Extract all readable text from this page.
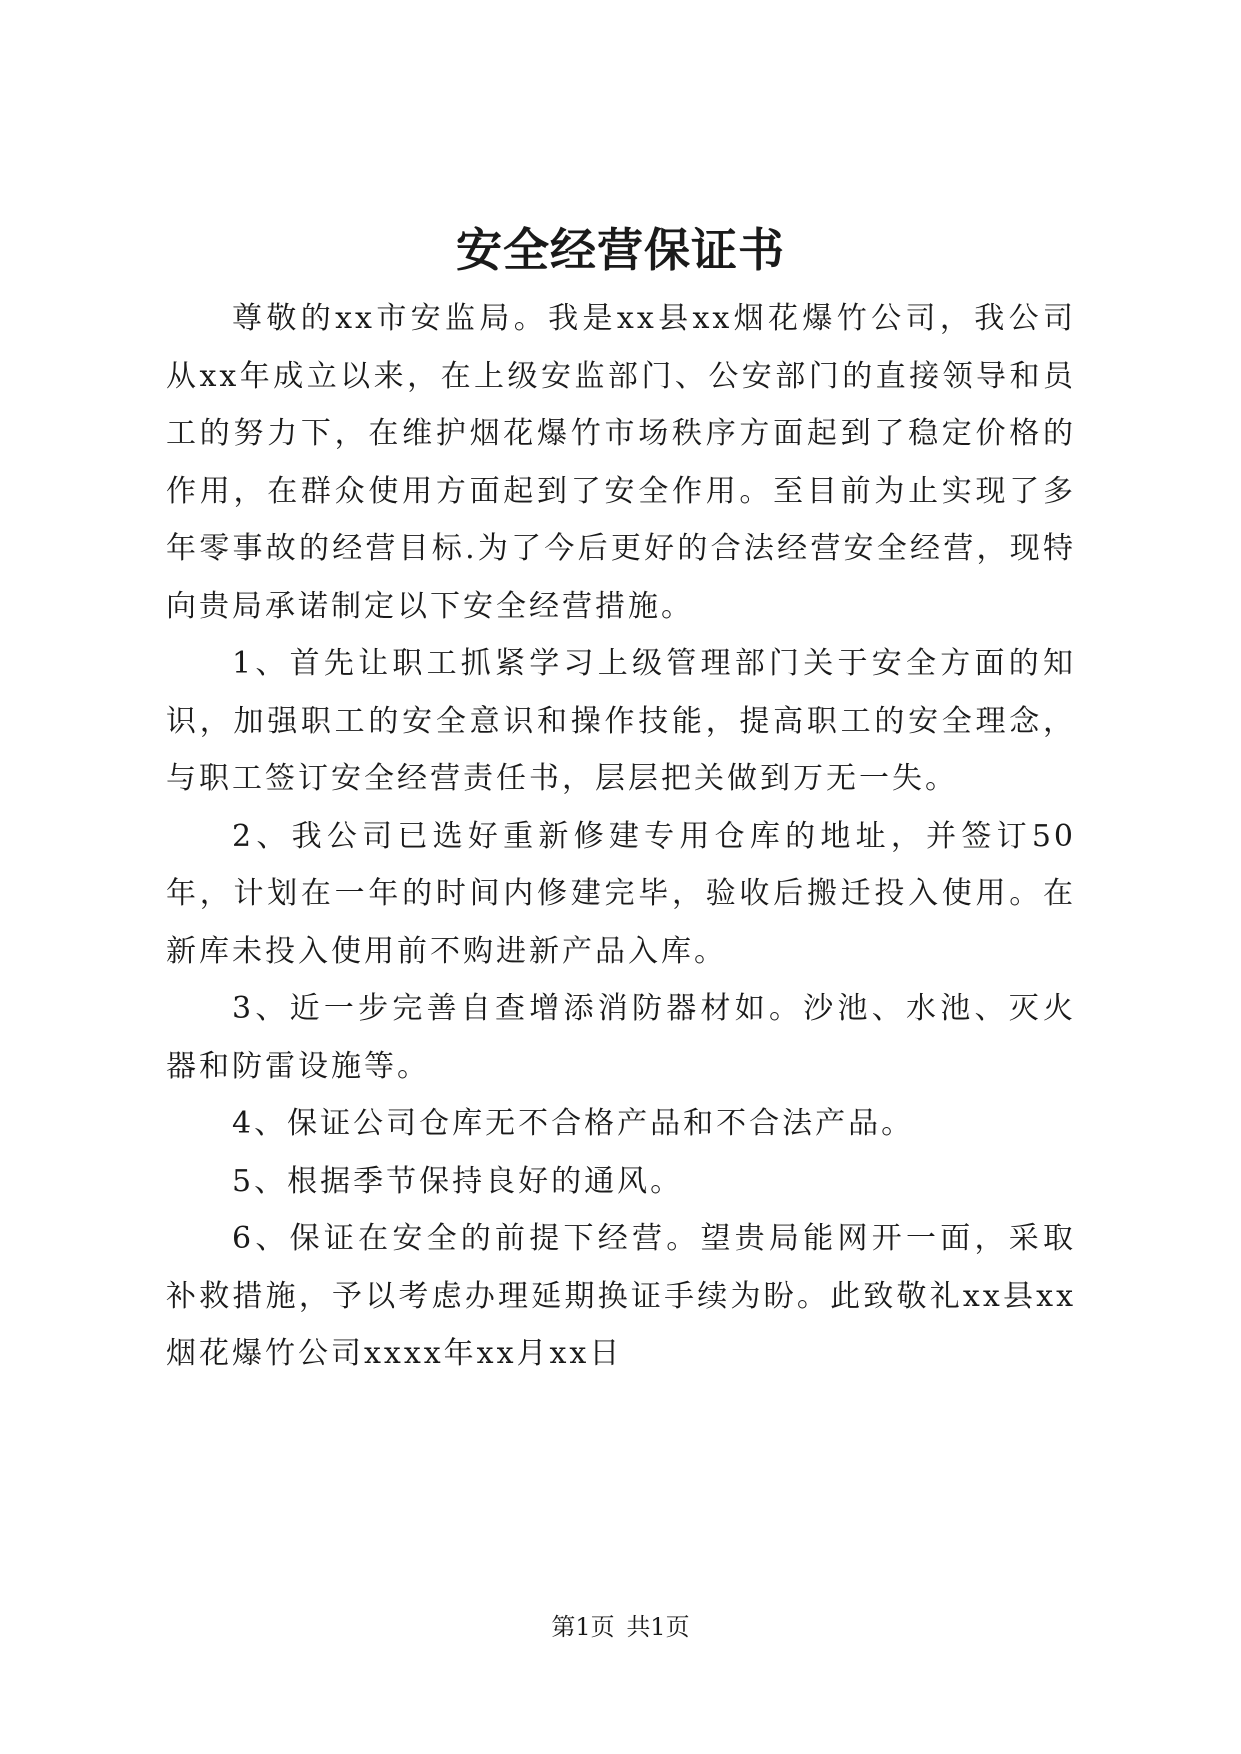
安全经营保证书

尊敬的xx市安监局。我是xx县xx烟花爆竹公司，我公司从xx年成立以来，在上级安监部门、公安部门的直接领导和员工的努力下，在维护烟花爆竹市场秩序方面起到了稳定价格的作用，在群众使用方面起到了安全作用。至目前为止实现了多年零事故的经营目标.为了今后更好的合法经营安全经营，现特向贵局承诺制定以下安全经营措施。

1、首先让职工抓紧学习上级管理部门关于安全方面的知识，加强职工的安全意识和操作技能，提高职工的安全理念，与职工签订安全经营责任书，层层把关做到万无一失。

2、我公司已选好重新修建专用仓库的地址，并签订50年，计划在一年的时间内修建完毕，验收后搬迁投入使用。在新库未投入使用前不购进新产品入库。

3、近一步完善自查增添消防器材如。沙池、水池、灭火器和防雷设施等。

4、保证公司仓库无不合格产品和不合法产品。

5、根据季节保持良好的通风。

6、保证在安全的前提下经营。望贵局能网开一面，采取补救措施，予以考虑办理延期换证手续为盼。此致敬礼xx县xx烟花爆竹公司xxxx年xx月xx日

第1页 共1页
